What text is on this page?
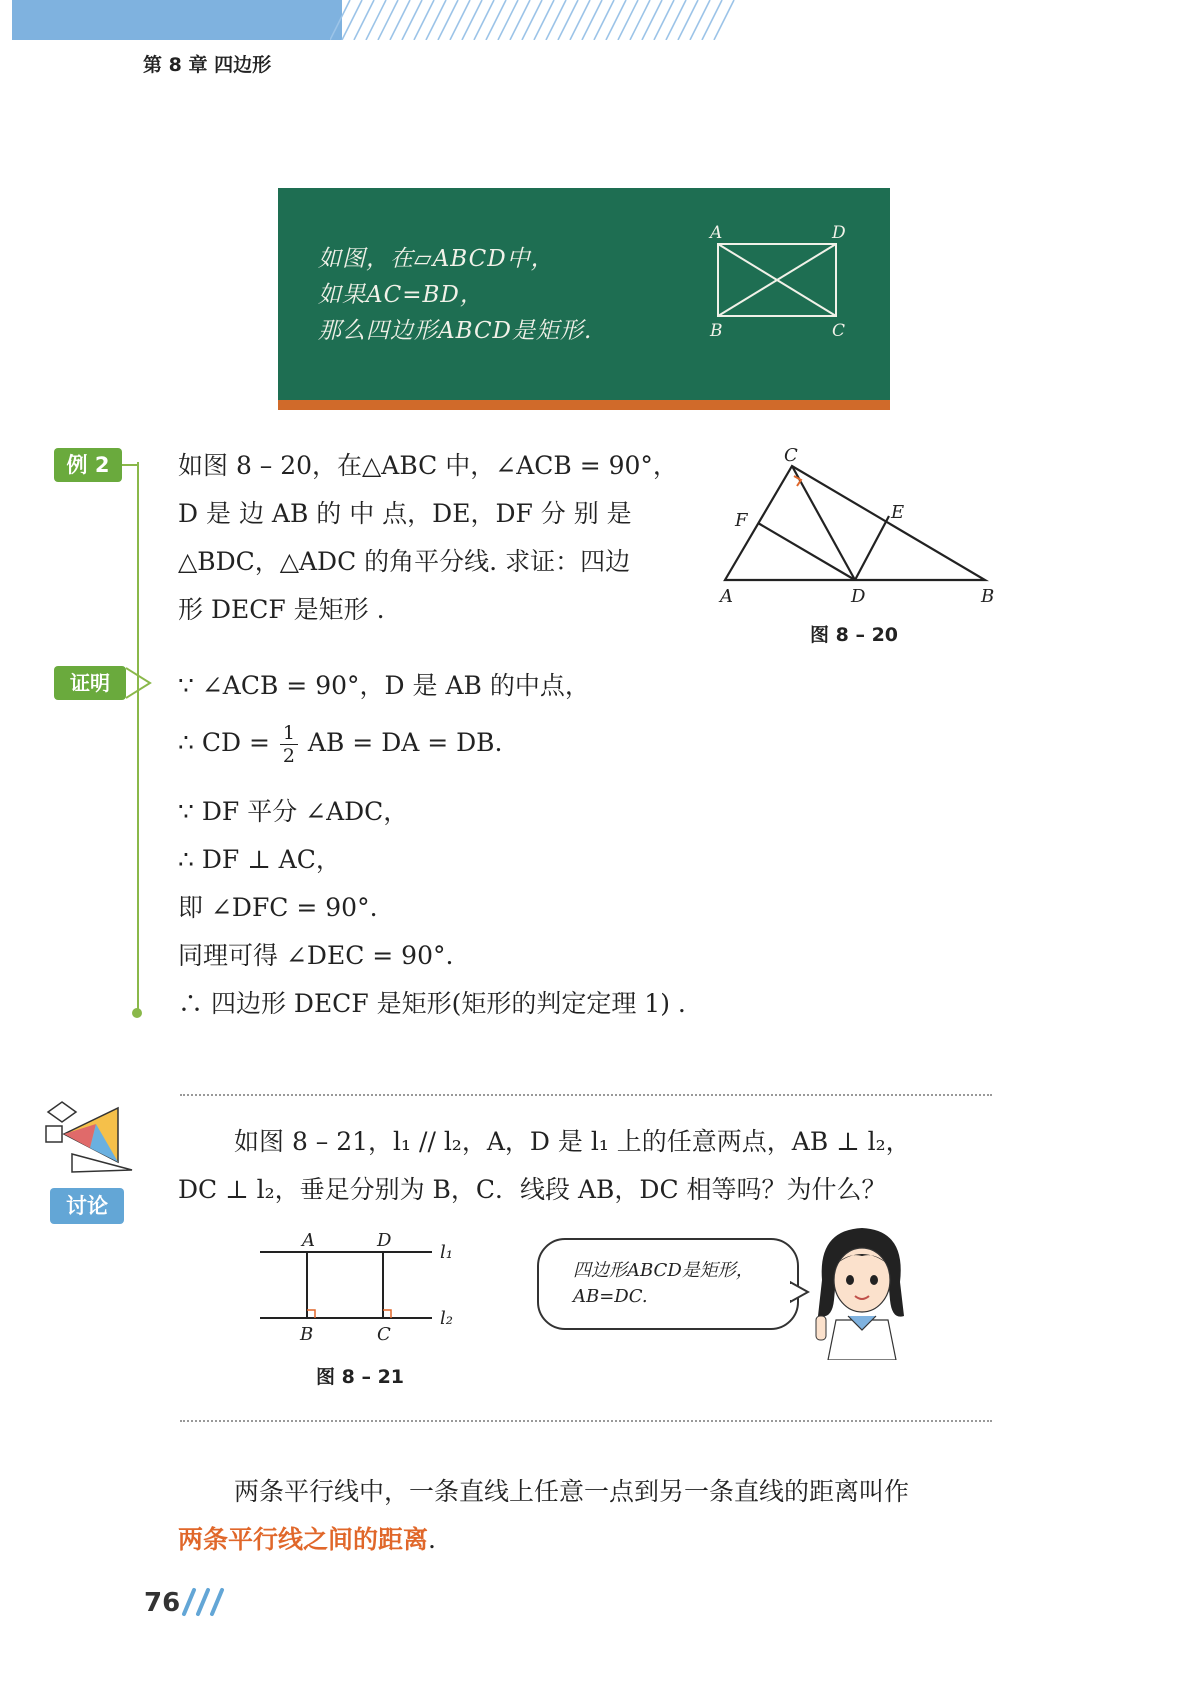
第 8 章 四边形
如图，在▱ABCD中，
如果AC=BD，
那么四边形ABCD是矩形.
A	D
B	C
例 2	如图 8 – 20，在△ABC 中，∠ACB = 90°，
D 是 边 AB 的 中 点，DE，DF 分 别 是
△BDC，△ADC 的角平分线. 求证：四边
形 DECF 是矩形 .	A	B
C
D
E
F
图 8 – 20
证明	∵ ∠ACB = 90°，D 是 AB 的中点，
∴ CD = $\frac{1}{2}$ AB = DA = DB.
∵ DF 平分 ∠ADC，
∴ DF ⊥ AC，
即 ∠DFC = 90°.
同理可得 ∠DEC = 90°.
∴ 四边形 DECF 是矩形(矩形的判定定理 1) .
讨论
如图 8 – 21，l₁ // l₂，A，D 是 l₁ 上的任意两点，AB ⊥ l₂，
DC ⊥ l₂，垂足分别为 B，C．线段 AB，DC 相等吗？为什么？
A	D
B	C
l₁
l₂
图 8 – 21
四边形ABCD是矩形，
AB=DC.
两条平行线中，一条直线上任意一点到另一条直线的距离叫作
两条平行线之间的距离.
76
